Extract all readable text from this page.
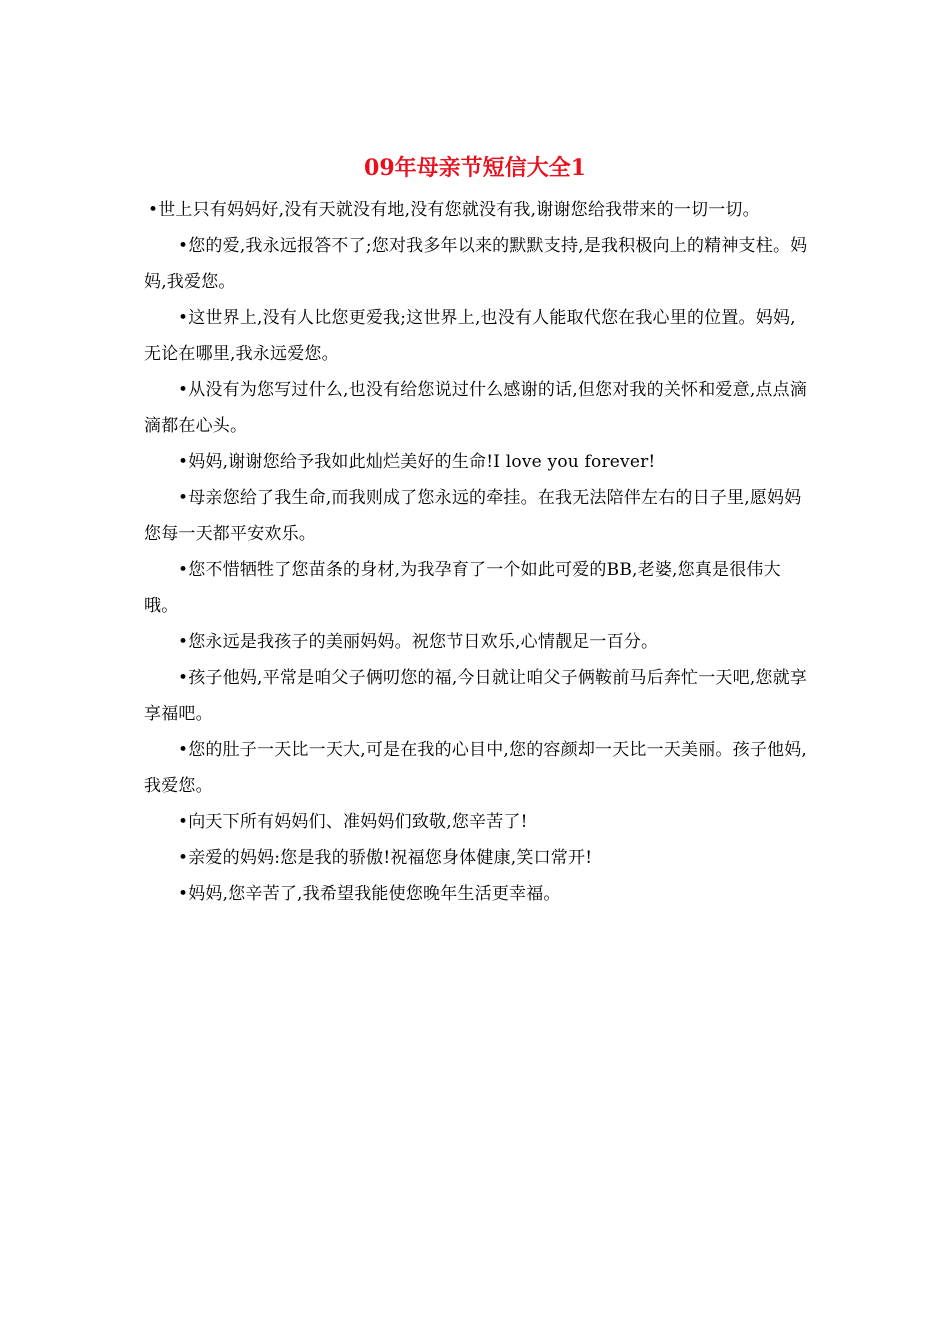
09年母亲节短信大全1

•世上只有妈妈好,没有天就没有地,没有您就没有我,谢谢您给我带来的一切一切。

•您的爱,我永远报答不了;您对我多年以来的默默支持,是我积极向上的精神支柱。妈妈,我爱您。

•这世界上,没有人比您更爱我;这世界上,也没有人能取代您在我心里的位置。妈妈,无论在哪里,我永远爱您。

•从没有为您写过什么,也没有给您说过什么感谢的话,但您对我的关怀和爱意,点点滴滴都在心头。

•妈妈,谢谢您给予我如此灿烂美好的生命!I love you forever!

•母亲您给了我生命,而我则成了您永远的牵挂。在我无法陪伴左右的日子里,愿妈妈您每一天都平安欢乐。

•您不惜牺牲了您苗条的身材,为我孕育了一个如此可爱的BB,老婆,您真是很伟大哦。

•您永远是我孩子的美丽妈妈。祝您节日欢乐,心情靓足一百分。

•孩子他妈,平常是咱父子俩叨您的福,今日就让咱父子俩鞍前马后奔忙一天吧,您就享享福吧。

•您的肚子一天比一天大,可是在我的心目中,您的容颜却一天比一天美丽。孩子他妈,我爱您。

•向天下所有妈妈们、准妈妈们致敬,您辛苦了!

•亲爱的妈妈:您是我的骄傲!祝福您身体健康,笑口常开!

•妈妈,您辛苦了,我希望我能使您晚年生活更幸福。
